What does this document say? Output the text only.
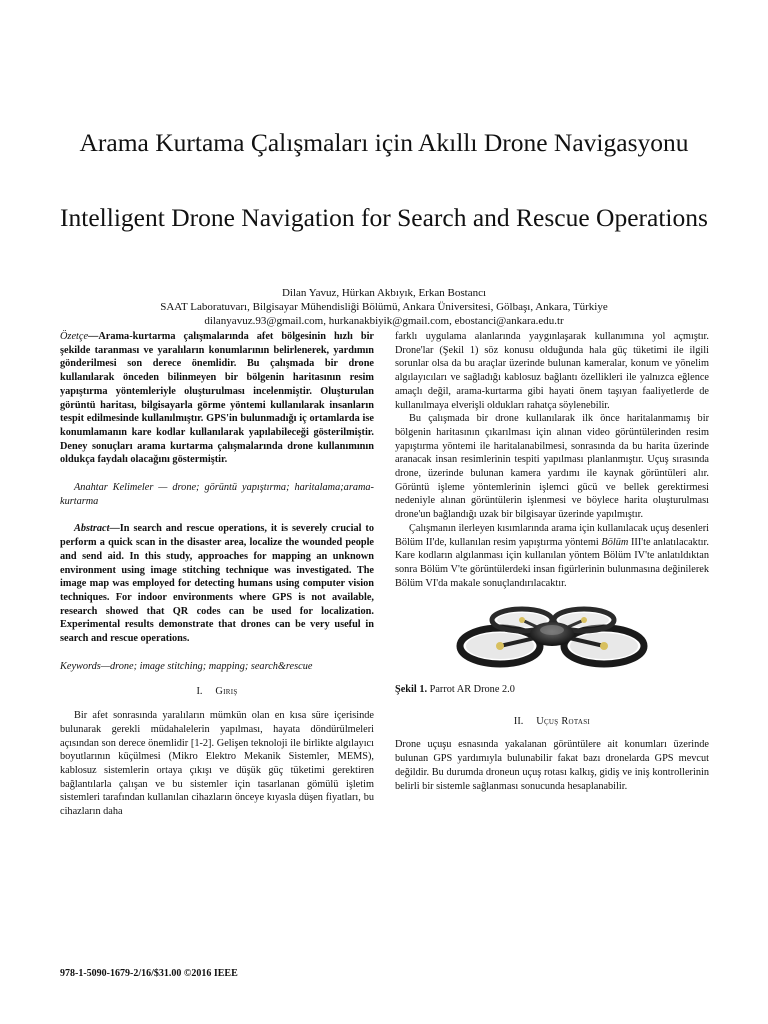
Arama Kurtama Çalışmaları için Akıllı Drone Navigasyonu
Intelligent Drone Navigation for Search and Rescue Operations
Dilan Yavuz, Hürkan Akbıyık, Erkan Bostancı
SAAT Laboratuvarı, Bilgisayar Mühendisliği Bölümü, Ankara Üniversitesi, Gölbaşı, Ankara, Türkiye
dilanyavuz.93@gmail.com, hurkanakbiyik@gmail.com, ebostanci@ankara.edu.tr

Özetçe—Arama-kurtarma çalışmalarında afet bölgesinin hızlı bir şekilde taranması ve yaralıların konumlarının belirlenerek, yardımın gönderilmesi son derece önemlidir. Bu çalışmada bir drone kullanılarak önceden bilinmeyen bir bölgenin haritasının resim yapıştırma yöntemleriyle oluşturulması incelenmiştir. Oluşturulan görüntü haritası, bilgisayarla görme yöntemi kullanılarak insanların tespit edilmesinde kullanılmıştır. GPS'in bulunmadığı iç ortamlarda ise konumlamanın kare kodlar kullanılarak yapılabileceği gösterilmiştir. Deney sonuçları arama kurtarma çalışmalarında drone kullanımının oldukça faydalı olacağını göstermiştir.

Anahtar Kelimeler — drone; görüntü yapıştırma; haritalama;arama-kurtarma

Abstract—In search and rescue operations, it is severely crucial to perform a quick scan in the disaster area, localize the wounded people and send aid. In this study, approaches for mapping an unknown environment using image stitching technique was investigated. The image map was employed for detecting humans using computer vision techniques. For indoor environments where GPS is not available, research showed that QR codes can be used for localization. Experimental results demonstrate that drones can be very useful in search and rescue operations.

Keywords—drone; image stitching; mapping; search&rescue

I. Giriş

Bir afet sonrasında yaralıların mümkün olan en kısa süre içerisinde bulunarak gerekli müdahalelerin yapılması, hayata döndürülmeleri açısından son derece önemlidir [1-2]. Gelişen teknoloji ile birlikte algılayıcı boyutlarının küçülmesi (Mikro Elektro Mekanik Sistemler, MEMS), kablosuz sistemlerin ortaya çıkışı ve düşük güç tüketimi gerektiren bağlantılarla çalışan ve bu sistemler için tasarlanan gömülü işletim sistemleri tarafından kullanılan cihazların önceye kıyasla düşen fiyatları, bu cihazların daha

farklı uygulama alanlarında yaygınlaşarak kullanımına yol açmıştır. Drone'lar (Şekil 1) söz konusu olduğunda hala güç tüketimi ile ilgili sorunlar olsa da bu araçlar üzerinde bulunan kameralar, konum ve yönelim algılayıcıları ve sağladığı kablosuz bağlantı özellikleri ile yalnızca eğlence amaçlı değil, arama-kurtarma gibi hayati önem taşıyan faaliyetlerde de kullanılmaya elverişli oldukları rahatça söylenebilir.

Bu çalışmada bir drone kullanılarak ilk önce haritalanmamış bir bölgenin haritasının çıkarılması için alınan video görüntülerinden resim yapıştırma yöntemi ile haritalanabilmesi, sonrasında da bu harita üzerinde aranacak insan resimlerinin tespiti yapılması planlanmıştır. Uçuş sırasında drone, üzerinde bulunan kamera yardımı ile kaynak görüntüleri alır. Görüntü işleme yöntemlerinin işlemci gücü ve bellek gerektirmesi nedeniyle alınan görüntülerin işlenmesi ve böylece harita oluşturulması drone'un bağlandığı uzak bir bilgisayar üzerinde yapılmıştır.

Çalışmanın ilerleyen kısımlarında arama için kullanılacak uçuş desenleri Bölüm II'de, kullanılan resim yapıştırma yöntemi Bölüm III'te anlatılacaktır. Kare kodların algılanması için kullanılan yöntem Bölüm IV'te anlatıldıktan sonra Bölüm V'te görüntülerdeki insan figürlerinin bulunmasına değinilerek Bölüm VI'da makale sonuçlandırılacaktır.

Şekil 1. Parrot AR Drone 2.0

II. Uçuş Rotası

Drone uçuşu esnasında yakalanan görüntülere ait konumları üzerinde bulunan GPS yardımıyla bulunabilir fakat bazı dronelarda GPS mevcut değildir. Bu durumda droneun uçuş rotası kalkış, gidiş ve iniş kontrollerinin belirli bir sistemle sağlanması sonucunda hesaplanabilir.

978-1-5090-1679-2/16/$31.00 ©2016 IEEE
